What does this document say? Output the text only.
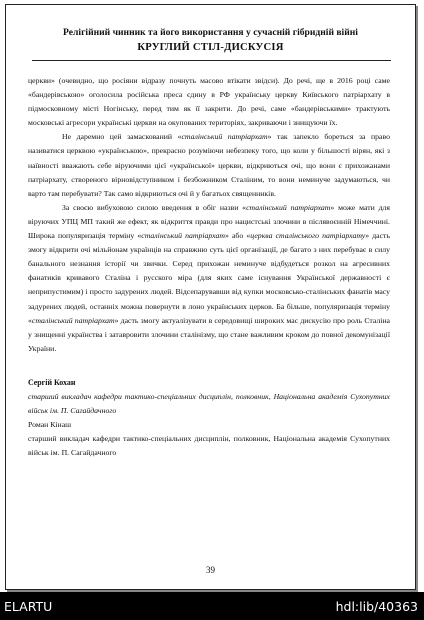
Релігійний чинник та його використання у сучасній гібридній війні
КРУГЛИЙ СТІЛ-ДИСКУСІЯ

церкви» (очевидно, що росіяни відразу почнуть масово втікати звідси). До речі, ще в 2016 році саме «бандерівською» оголосила російська преса єдину в РФ українську церкву Київського патріархату в підмосковному місті Ногінську, перед тим як її закрити. До речі, саме «бандерівськими» трактують московські агресори українські церкви на окупованих територіях, закриваючи і знищуючи їх.

Не даремно цей замаскований «сталінський патріархат» так запекло бореться за право називатися церквою «українською», прекрасно розуміючи небезпеку того, що коли у більшості вірян, які з наївності вважають себе віруючими цієї «української» церкви, відкриються очі, що вони є прихожанами патріархату, створеного вірновідступником і безбожником Сталіним, то вони неминуче задумаються, чи варто там перебувати? Так само відкриються очі й у багатьох священників.

За своєю вибуховою силою введення в обіг назви «сталінський патріархат» може мати для віруючих УПЦ МП такий же ефект, як відкриття правди про нацистські злочини в післявоєнній Німеччині. Широка популяризація терміну «сталінський патріархат» або «церква сталінського патріархату» дасть змогу відкрити очі мільйонам українців на справжню суть цієї організації, де багато з них перебуває в силу банального незнання історії чи звички. Серед прихожан неминуче відбудеться розкол на агресивних фанатиків кривавого Сталіна і русского міра (для яких саме існування Української державності є неприпустимим) і просто задурених людей. Відсепарувавши від купки московсько-сталінських фанатів масу задурених людей, останніх можна повернути в лоно українських церков. Ба більше, популяризація терміну «сталінський патріархат» дасть змогу актуалізувати в середовищі широких мас дискусію про роль Сталіна у знищенні українства і затавровити злочини сталінізму, що стане важливим кроком до повної декомунізації України.

Сергій Кохан
старший викладач кафедри тактико-спеціальних дисциплін, полковник, Національна академія Сухопутних військ ім. П. Сагайдачного
Роман Кінаш
старший викладач кафедри тактико-спеціальних дисциплін, полковник, Національна академія Сухопутних військ ім. П. Сагайдачного
39
ELARTU	hdl:lib/40363
